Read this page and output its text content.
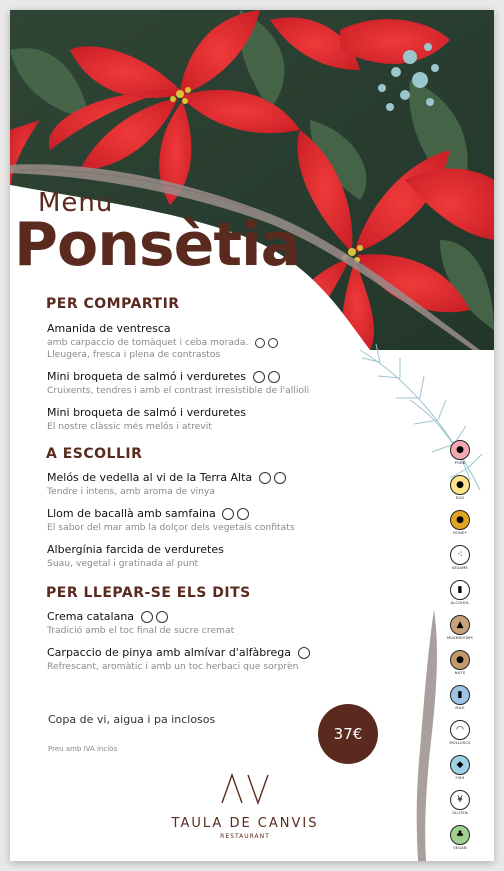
Menu
Ponsètia
PER COMPARTIR
Amanida de ventresca
amb carpaccio de tomàquet i ceba morada.
Lleugera, fresca i plena de contrastos
Mini broqueta de salmó i verduretes
Cruixents, tendres i amb el contrast irresistible de l'allioli
Mini broqueta de salmó i verduretes
El nostre clàssic més melós i atrevit
A ESCOLLIR
Melós de vedella al vi de la Terra Alta
Tendre i intens, amb aroma de vinya
Llom de bacallà amb samfaina
El sabor del mar amb la dolçor dels vegetals confitats
Albergínia farcida de verduretes
Suau, vegetal i gratinada al punt
PER LLEPAR-SE ELS DITS
Crema catalana
Tradició amb el toc final de sucre cremat
Carpaccio de pinya amb almívar d'alfàbrega
Refrescant, aromàtic i amb un toc herbaci que sorprèn
Copa de vi, aigua i pa inclosos
Preu amb IVA inclòs
37€
TAULA DE CANVIS
RESTAURANT
●
PORK
●
EGG
●
HONEY
⁖
SESAME
▮
ALCOHOL
▲
MUSHROOMS
●
NUTS
▮
MILK
◠
MOLLUSCS
◆
FISH
¥
GLUTEN
♣
VEGAN
